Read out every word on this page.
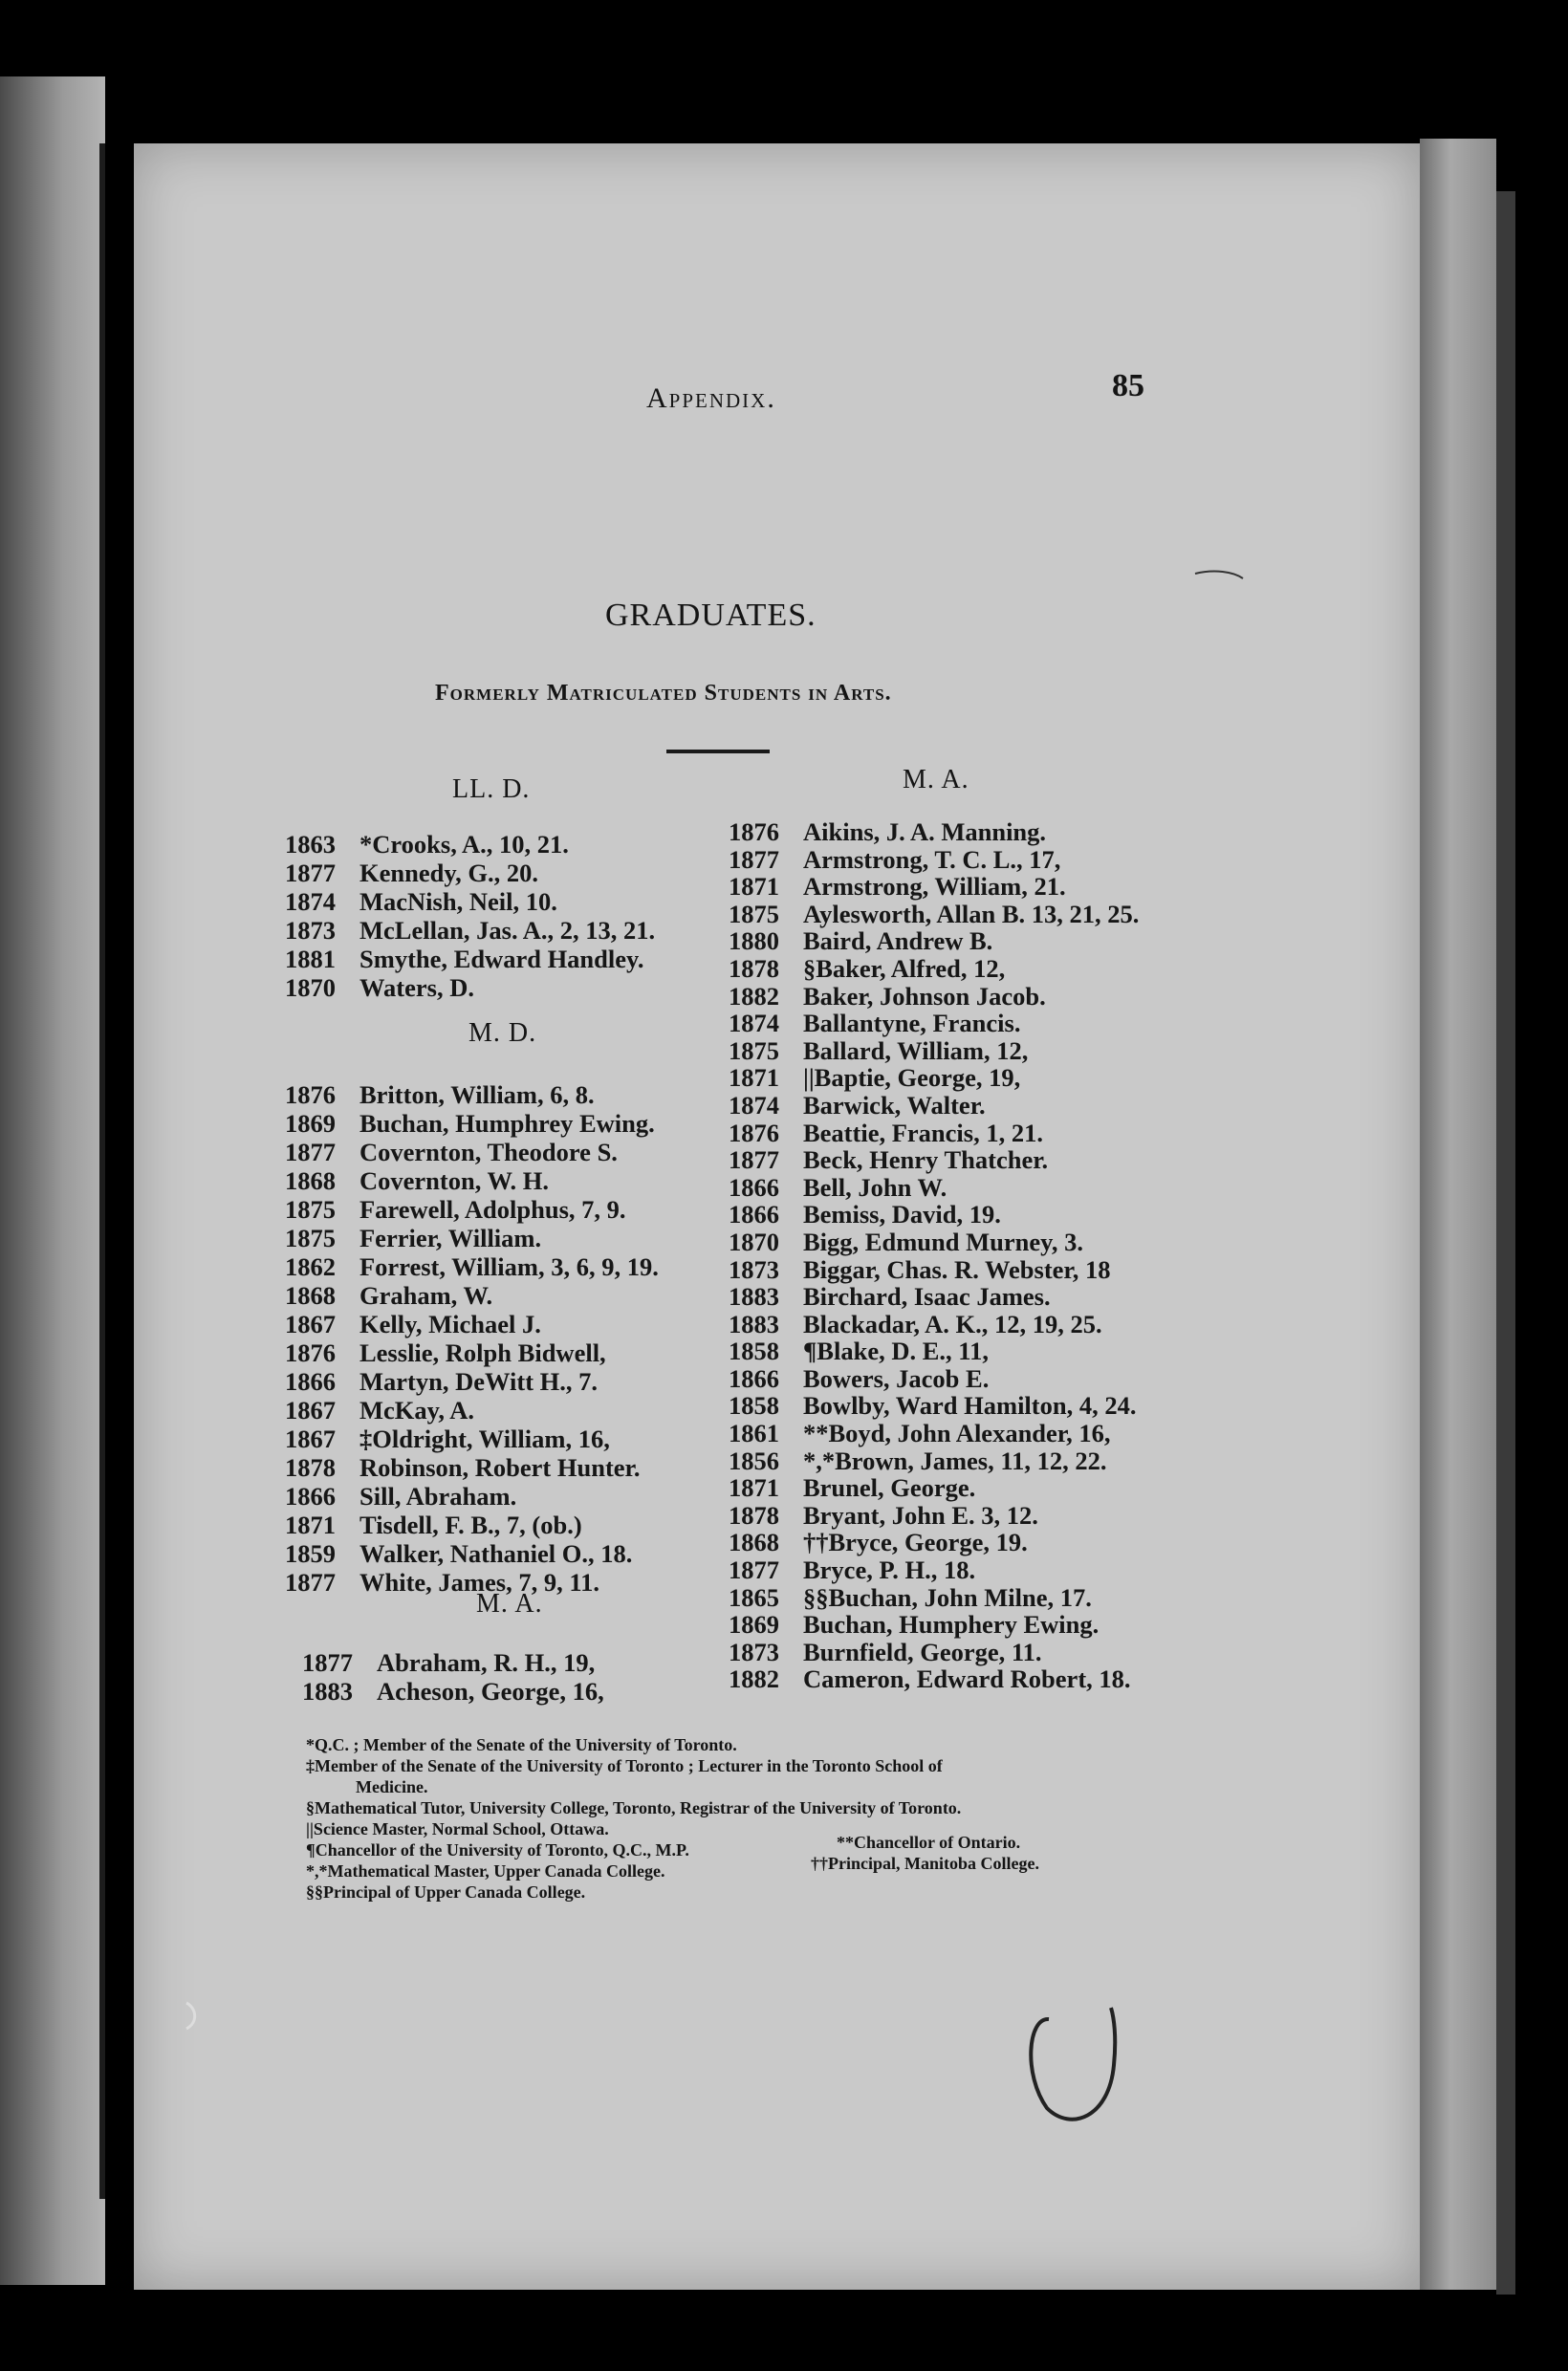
Appendix.	85
GRADUATES.
Formerly Matriculated Students in Arts.
LL. D.
M. D.
M. A.
M. A.
1863 *Crooks, A., 10, 21.
1877 Kennedy, G., 20.
1874 MacNish, Neil, 10.
1873 McLellan, Jas. A., 2, 13, 21.
1881 Smythe, Edward Handley.
1870 Waters, D.
1876 Britton, William, 6, 8.
1869 Buchan, Humphrey Ewing.
1877 Covernton, Theodore S.
1868 Covernton, W. H.
1875 Farewell, Adolphus, 7, 9.
1875 Ferrier, William.
1862 Forrest, William, 3, 6, 9, 19.
1868 Graham, W.
1867 Kelly, Michael J.
1876 Lesslie, Rolph Bidwell,
1866 Martyn, DeWitt H., 7.
1867 McKay, A.
1867 ‡Oldright, William, 16,
1878 Robinson, Robert Hunter.
1866 Sill, Abraham.
1871 Tisdell, F. B., 7, (ob.)
1859 Walker, Nathaniel O., 18.
1877 White, James, 7, 9, 11.
1877 Abraham, R. H., 19,
1883 Acheson, George, 16,
1876 Aikins, J. A. Manning.
1877 Armstrong, T. C. L., 17,
1871 Armstrong, William, 21.
1875 Aylesworth, Allan B. 13, 21, 25.
1880 Baird, Andrew B.
1878 §Baker, Alfred, 12,
1882 Baker, Johnson Jacob.
1874 Ballantyne, Francis.
1875 Ballard, William, 12,
1871 ||Baptie, George, 19,
1874 Barwick, Walter.
1876 Beattie, Francis, 1, 21.
1877 Beck, Henry Thatcher.
1866 Bell, John W.
1866 Bemiss, David, 19.
1870 Bigg, Edmund Murney, 3.
1873 Biggar, Chas. R. Webster, 18
1883 Birchard, Isaac James.
1883 Blackadar, A. K., 12, 19, 25.
1858 ¶Blake, D. E., 11,
1866 Bowers, Jacob E.
1858 Bowlby, Ward Hamilton, 4, 24.
1861 **Boyd, John Alexander, 16,
1856 *,*Brown, James, 11, 12, 22.
1871 Brunel, George.
1878 Bryant, John E. 3, 12.
1868 ††Bryce, George, 19.
1877 Bryce, P. H., 18.
1865 §§Buchan, John Milne, 17.
1869 Buchan, Humphery Ewing.
1873 Burnfield, George, 11.
1882 Cameron, Edward Robert, 18.
*Q.C. ; Member of the Senate of the University of Toronto.
‡Member of the Senate of the University of Toronto ; Lecturer in the Toronto School of
Medicine.
§Mathematical Tutor, University College, Toronto, Registrar of the University of Toronto.
||Science Master, Normal School, Ottawa.
¶Chancellor of the University of Toronto, Q.C., M.P.	**Chancellor of Ontario.
*,*Mathematical Master, Upper Canada College.	††Principal, Manitoba College.
§§Principal of Upper Canada College.
